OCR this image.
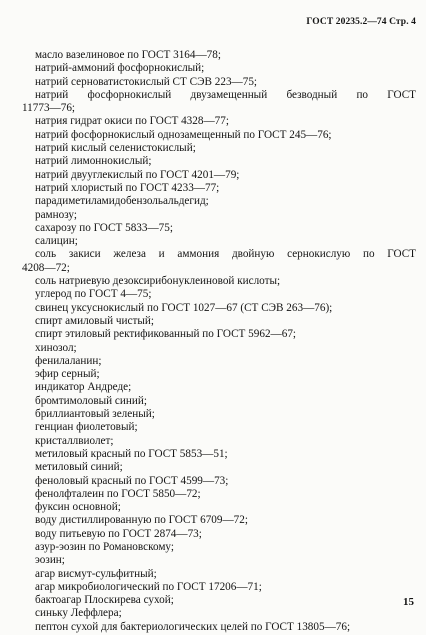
ГОСТ 20235.2—74 Стр. 4
масло вазелиновое по ГОСТ 3164—78;
натрий-аммоний фосфорнокислый;
натрий серноватистокислый СТ СЭВ 223—75;
натрий фосфорнокислый двузамещенный безводный по ГОСТ
11773—76;
натрия гидрат окиси по ГОСТ 4328—77;
натрий фосфорнокислый однозамещенный по ГОСТ 245—76;
натрий кислый селенистокислый;
натрий лимоннокислый;
натрий двууглекислый по ГОСТ 4201—79;
натрий хлористый по ГОСТ 4233—77;
парадиметиламидобензольальдегид;
рамнозу;
сахарозу по ГОСТ 5833—75;
салицин;
соль закиси железа и аммония двойную сернокислую по ГОСТ
4208—72;
соль натриевую дезоксирибонуклеиновой кислоты;
углерод по ГОСТ 4—75;
свинец уксуснокислый по ГОСТ 1027—67 (СТ СЭВ 263—76);
спирт амиловый чистый;
спирт этиловый ректификованный по ГОСТ 5962—67;
хинозол;
фенилаланин;
эфир серный;
индикатор Андреде;
бромтимоловый синий;
бриллиантовый зеленый;
генциан фиолетовый;
кристаллвиолет;
метиловый красный по ГОСТ 5853—51;
метиловый синий;
феноловый красный по ГОСТ 4599—73;
фенолфталеин по ГОСТ 5850—72;
фуксин основной;
воду дистиллированную по ГОСТ 6709—72;
воду питьевую по ГОСТ 2874—73;
азур-эозин по Романовскому;
эозин;
агар висмут-сульфитный;
агар микробиологический по ГОСТ 17206—71;
бактоагар Плоскирева сухой;
синьку Леффлера;
пептон сухой для бактериологических целей по ГОСТ 13805—76;
15
